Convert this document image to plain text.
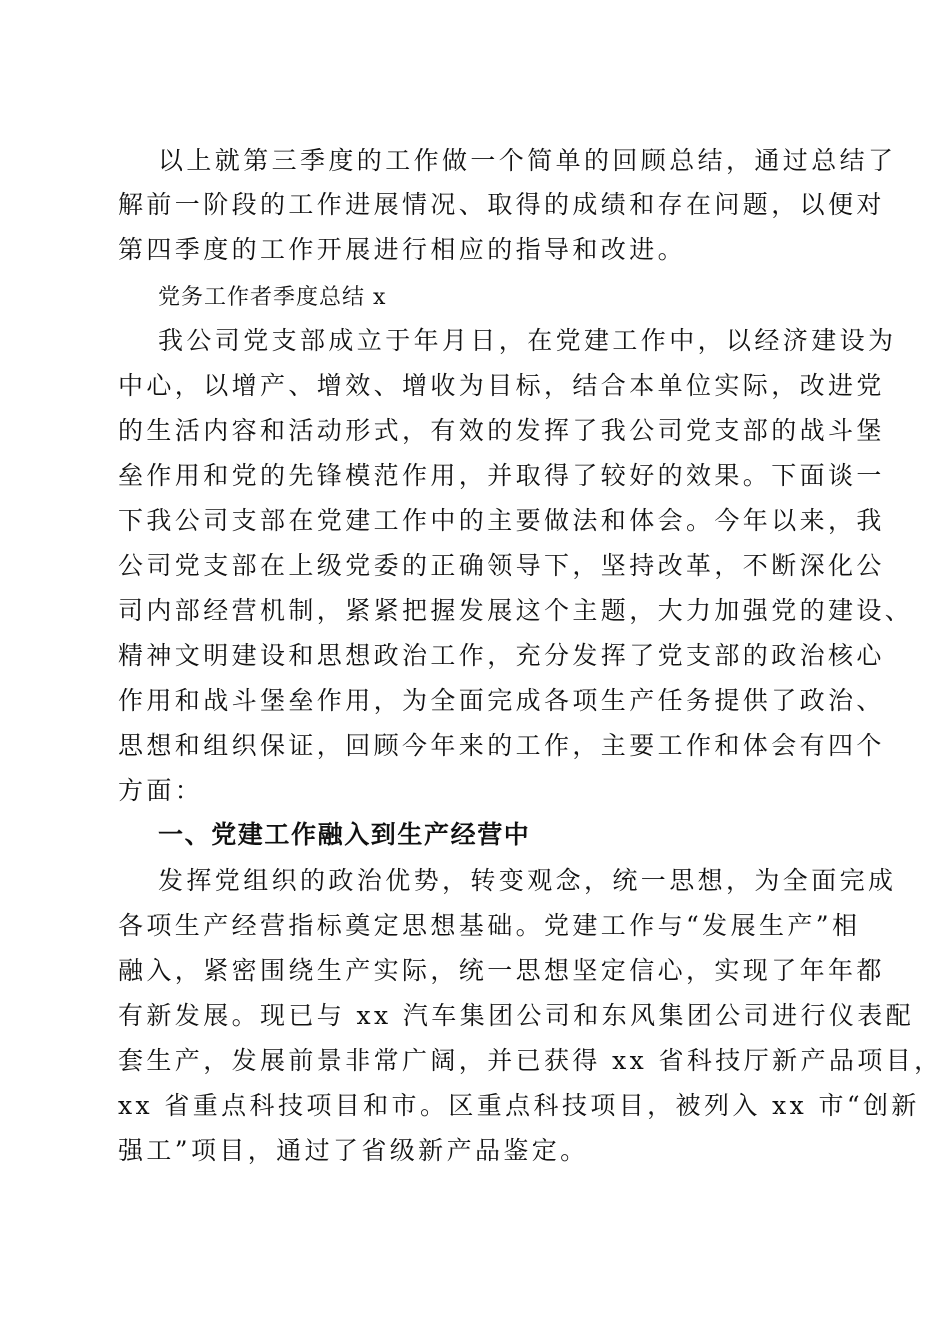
以上就第三季度的工作做一个简单的回顾总结，通过总结了

解前一阶段的工作进展情况、取得的成绩和存在问题，以便对

第四季度的工作开展进行相应的指导和改进。

党务工作者季度总结 x

我公司党支部成立于年月日，在党建工作中，以经济建设为

中心，以增产、增效、增收为目标，结合本单位实际，改进党

的生活内容和活动形式，有效的发挥了我公司党支部的战斗堡

垒作用和党的先锋模范作用，并取得了较好的效果。下面谈一

下我公司支部在党建工作中的主要做法和体会。今年以来，我

公司党支部在上级党委的正确领导下，坚持改革，不断深化公

司内部经营机制，紧紧把握发展这个主题，大力加强党的建设、

精神文明建设和思想政治工作，充分发挥了党支部的政治核心

作用和战斗堡垒作用，为全面完成各项生产任务提供了政治、

思想和组织保证，回顾今年来的工作，主要工作和体会有四个

方面：

一、党建工作融入到生产经营中

发挥党组织的政治优势，转变观念，统一思想，为全面完成

各项生产经营指标奠定思想基础。党建工作与“发展生产”相

融入，紧密围绕生产实际，统一思想坚定信心，实现了年年都

有新发展。现已与 xx 汽车集团公司和东风集团公司进行仪表配

套生产，发展前景非常广阔，并已获得 xx 省科技厅新产品项目，

xx 省重点科技项目和市。区重点科技项目，被列入 xx 市“创新

强工”项目，通过了省级新产品鉴定。
